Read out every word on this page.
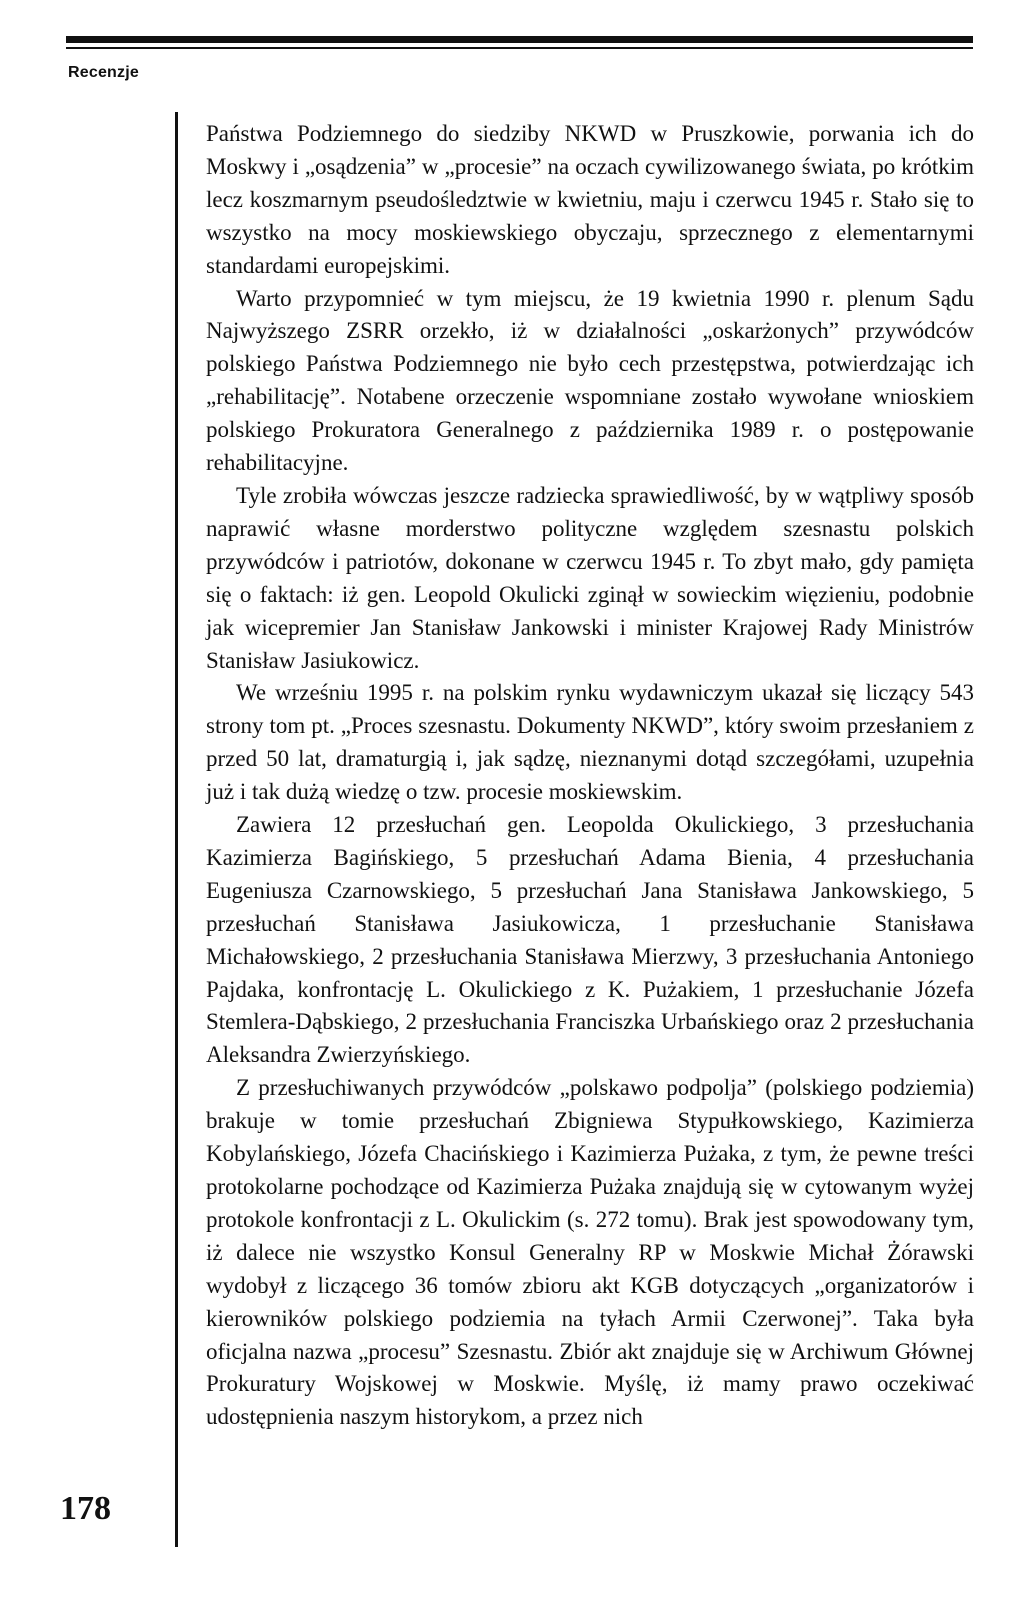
Recenzje

Państwa Podziemnego do siedziby NKWD w Pruszkowie, porwania ich do Moskwy i „osądzenia” w „procesie” na oczach cywilizowanego świata, po krótkim lecz koszmarnym pseudośledztwie w kwietniu, maju i czerwcu 1945 r. Stało się to wszystko na mocy moskiewskiego obyczaju, sprzecznego z elementarnymi standardami europejskimi.

Warto przypomnieć w tym miejscu, że 19 kwietnia 1990 r. plenum Sądu Najwyższego ZSRR orzekło, iż w działalności „oskarżonych” przywódców polskiego Państwa Podziemnego nie było cech przestępstwa, potwierdzając ich „rehabilitację”. Notabene orzeczenie wspomniane zostało wywołane wnioskiem polskiego Prokuratora Generalnego z października 1989 r. o postępowanie rehabilitacyjne.

Tyle zrobiła wówczas jeszcze radziecka sprawiedliwość, by w wątpliwy sposób naprawić własne morderstwo polityczne względem szesnastu polskich przywódców i patriotów, dokonane w czerwcu 1945 r. To zbyt mało, gdy pamięta się o faktach: iż gen. Leopold Okulicki zginął w sowieckim więzieniu, podobnie jak wicepremier Jan Stanisław Jankowski i minister Krajowej Rady Ministrów Stanisław Jasiukowicz.

We wrześniu 1995 r. na polskim rynku wydawniczym ukazał się liczący 543 strony tom pt. „Proces szesnastu. Dokumenty NKWD”, który swoim przesłaniem z przed 50 lat, dramaturgią i, jak sądzę, nieznanymi dotąd szczegółami, uzupełnia już i tak dużą wiedzę o tzw. procesie moskiewskim.

Zawiera 12 przesłuchań gen. Leopolda Okulickiego, 3 przesłuchania Kazimierza Bagińskiego, 5 przesłuchań Adama Bienia, 4 przesłuchania Eugeniusza Czarnowskiego, 5 przesłuchań Jana Stanisława Jankowskiego, 5 przesłuchań Stanisława Jasiukowicza, 1 przesłuchanie Stanisława Michałowskiego, 2 przesłuchania Stanisława Mierzwy, 3 przesłuchania Antoniego Pajdaka, konfrontację L. Okulickiego z K. Pużakiem, 1 przesłuchanie Józefa Stemlera-Dąbskiego, 2 przesłuchania Franciszka Urbańskiego oraz 2 przesłuchania Aleksandra Zwierzyńskiego.

Z przesłuchiwanych przywódców „polskawo podpolja” (polskiego podziemia) brakuje w tomie przesłuchań Zbigniewa Stypułkowskiego, Kazimierza Kobylańskiego, Józefa Chacińskiego i Kazimierza Pużaka, z tym, że pewne treści protokolarne pochodzące od Kazimierza Pużaka znajdują się w cytowanym wyżej protokole konfrontacji z L. Okulickim (s. 272 tomu). Brak jest spowodowany tym, iż dalece nie wszystko Konsul Generalny RP w Moskwie Michał Żórawski wydobył z liczącego 36 tomów zbioru akt KGB dotyczących „organizatorów i kierowników polskiego podziemia na tyłach Armii Czerwonej”. Taka była oficjalna nazwa „procesu” Szesnastu. Zbiór akt znajduje się w Archiwum Głównej Prokuratury Wojskowej w Moskwie. Myślę, iż mamy prawo oczekiwać udostępnienia naszym historykom, a przez nich

178
